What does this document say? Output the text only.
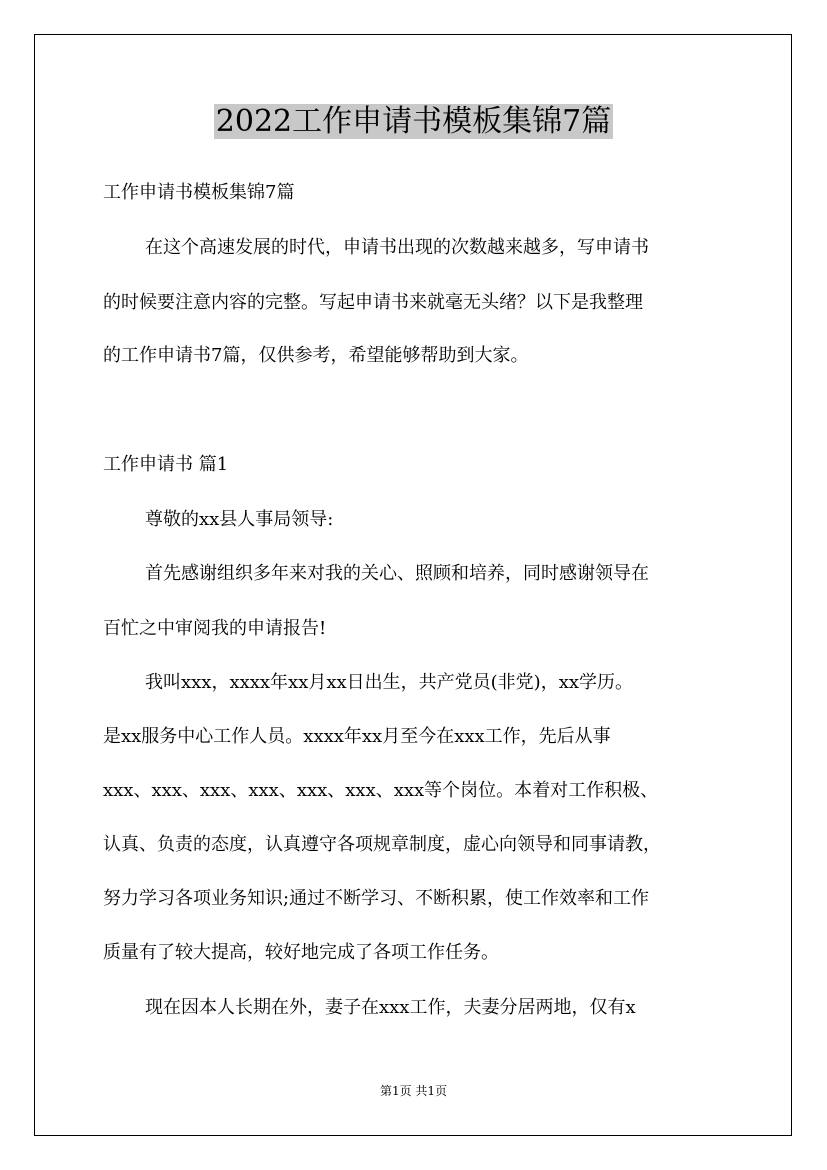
2022工作申请书模板集锦7篇
工作申请书模板集锦7篇
在这个高速发展的时代，申请书出现的次数越来越多，写申请书
的时候要注意内容的完整。写起申请书来就毫无头绪？以下是我整理
的工作申请书7篇，仅供参考，希望能够帮助到大家。
工作申请书 篇1
尊敬的xx县人事局领导:
首先感谢组织多年来对我的关心、照顾和培养，同时感谢领导在
百忙之中审阅我的申请报告!
我叫xxx，xxxx年xx月xx日出生，共产党员(非党)，xx学历。
是xx服务中心工作人员。xxxx年xx月至今在xxx工作，先后从事
xxx、xxx、xxx、xxx、xxx、xxx、xxx等个岗位。本着对工作积极、
认真、负责的态度，认真遵守各项规章制度，虚心向领导和同事请教，
努力学习各项业务知识;通过不断学习、不断积累，使工作效率和工作
质量有了较大提高，较好地完成了各项工作任务。
现在因本人长期在外，妻子在xxx工作，夫妻分居两地，仅有x
第1页 共1页
